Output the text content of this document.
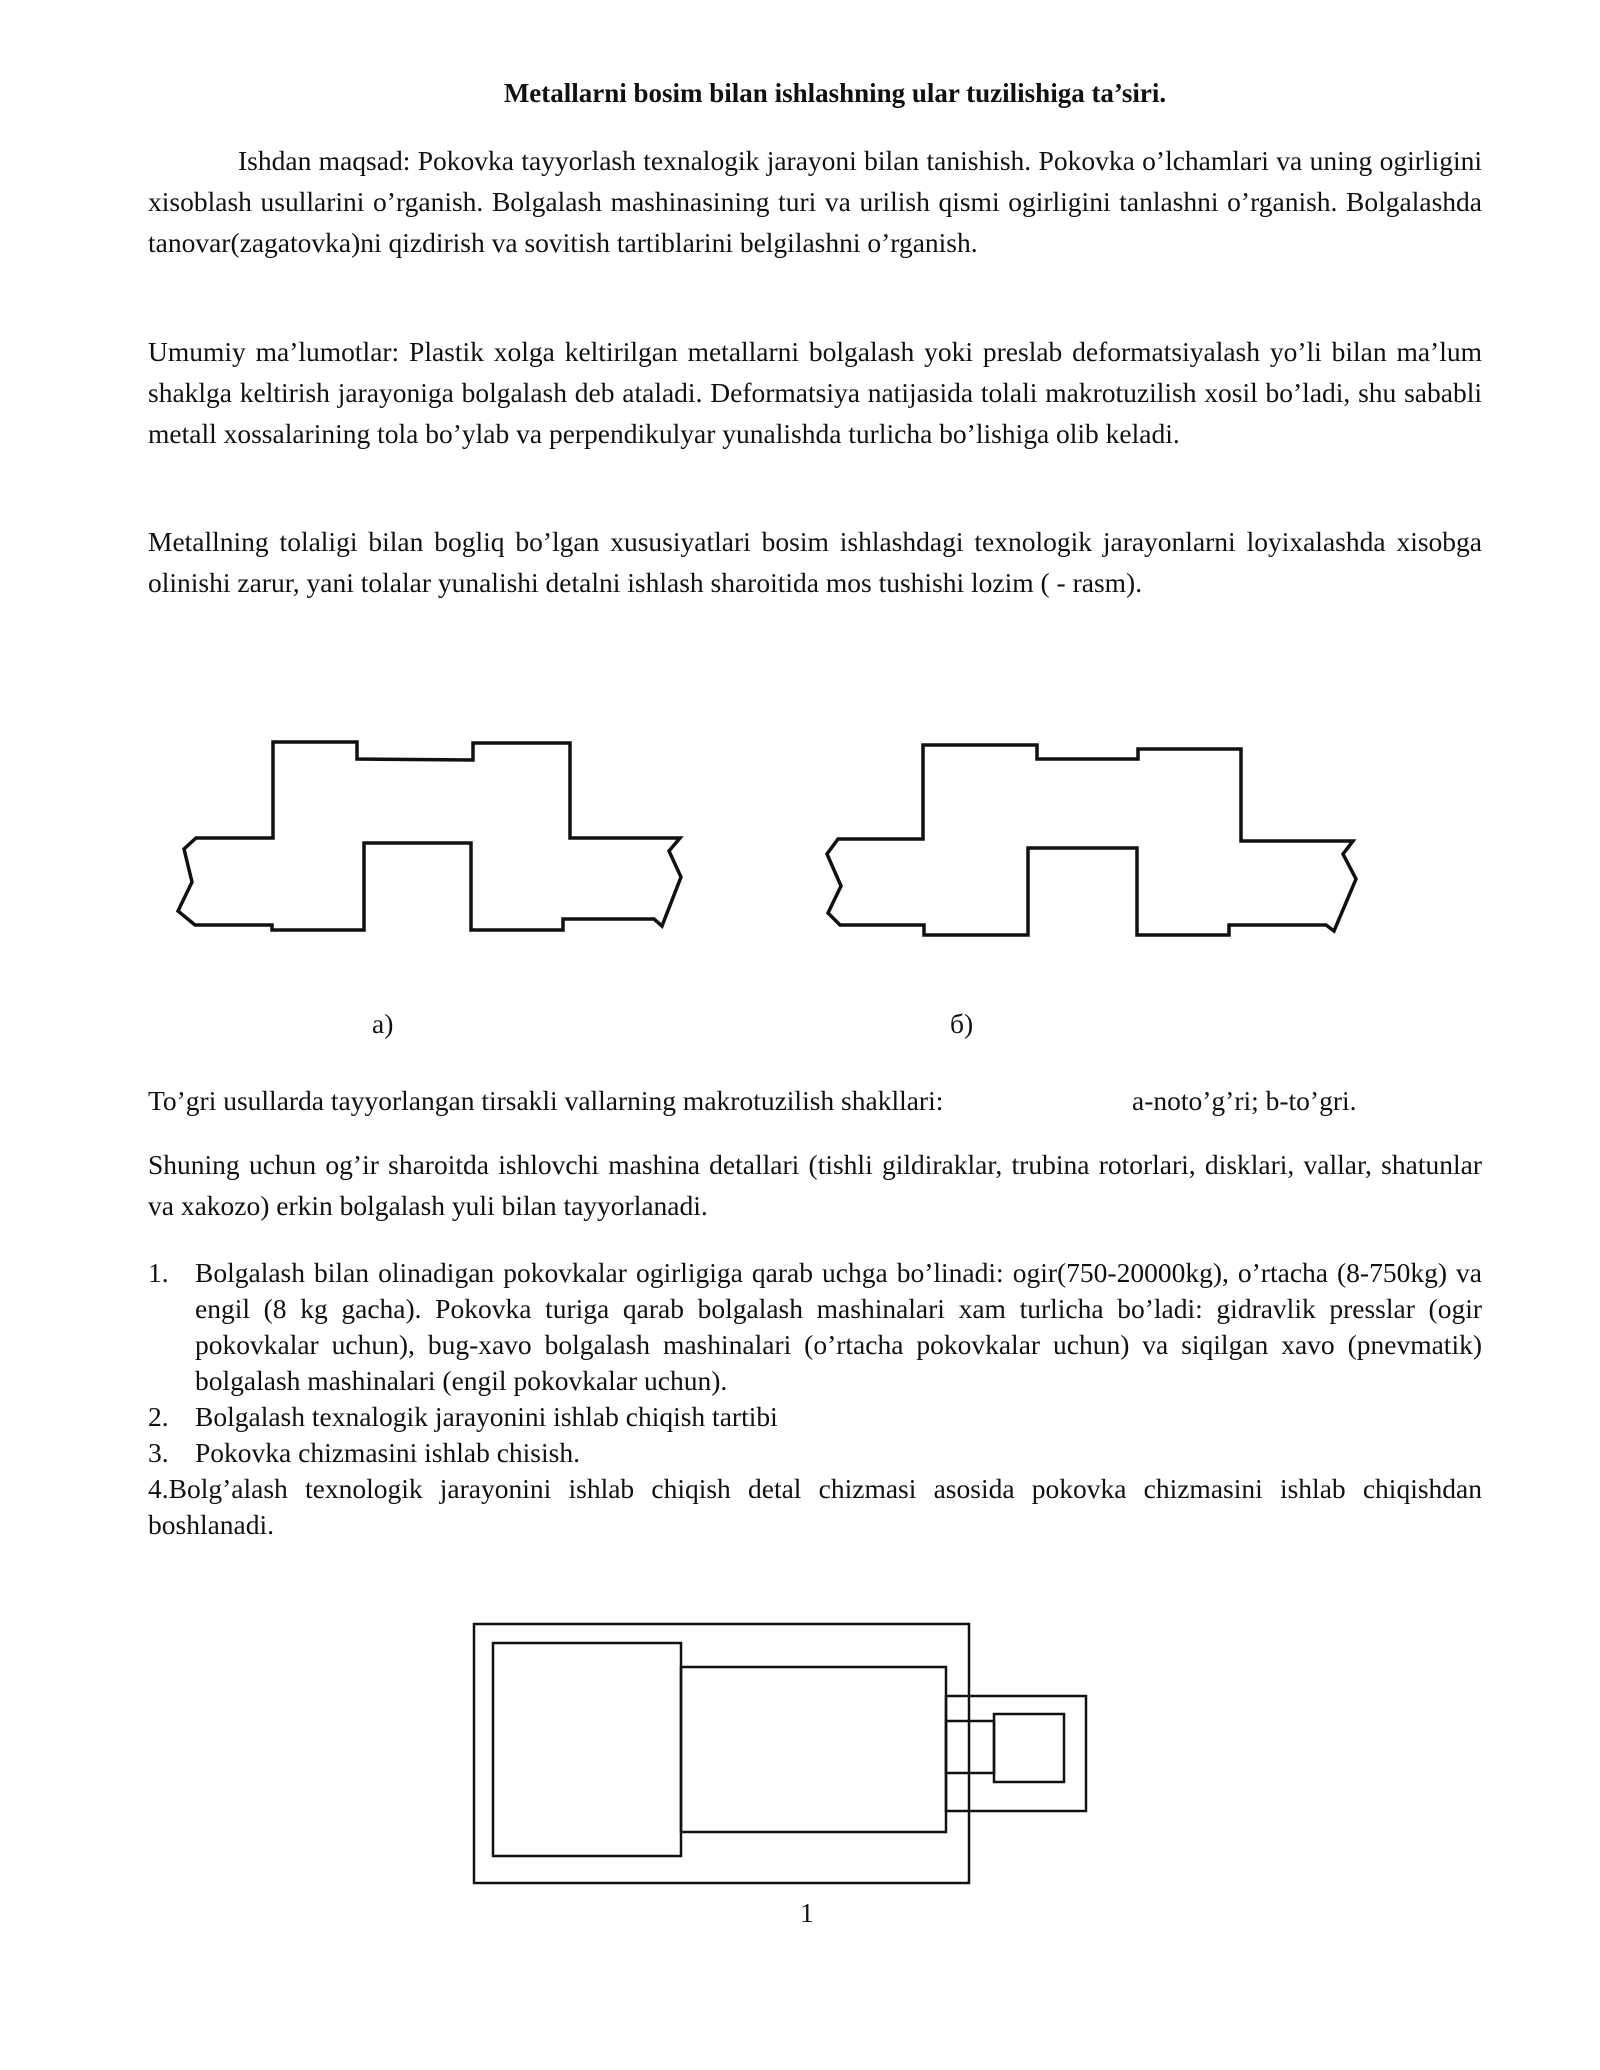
Metallarni bosim bilan ishlashning ular tuzilishiga ta’siri.

Ishdan maqsad: Pokovka tayyorlash texnalogik jarayoni bilan tanishish. Pokovka o’lchamlari va uning ogirligini xisoblash usullarini o’rganish. Bolgalash mashinasining turi va urilish qismi ogirligini tanlashni o’rganish. Bolgalashda tanovar(zagatovka)ni qizdirish va sovitish tartiblarini belgilashni o’rganish.

Umumiy ma’lumotlar: Plastik xolga keltirilgan metallarni bolgalash yoki preslab deformatsiyalash yo’li bilan ma’lum shaklga keltirish jarayoniga bolgalash deb ataladi. Deformatsiya natijasida tolali makrotuzilish xosil bo’ladi, shu sababli metall xossalarining tola bo’ylab va perpendikulyar yunalishda turlicha bo’lishiga olib keladi.

Metallning tolaligi bilan bogliq bo’lgan xususiyatlari bosim ishlashdagi texnologik jarayonlarni loyixalashda xisobga olinishi zarur, yani tolalar yunalishi detalni ishlash sharoitida mos tushishi lozim ( - rasm).

а)	б)
To’gri usullarda tayyorlangan tirsakli vallarning makrotuzilish shakllari:	a-noto’g’ri; b-to’gri.

Shuning uchun og’ir sharoitda ishlovchi mashina detallari (tishli gildiraklar, trubina rotorlari, disklari, vallar, shatunlar va xakozo) erkin bolgalash yuli bilan tayyorlanadi.

1. Bolgalash bilan olinadigan pokovkalar ogirligiga qarab uchga bo’linadi: ogir(750-20000kg), o’rtacha (8-750kg) va engil (8 kg gacha). Pokovka turiga qarab bolgalash mashinalari xam turlicha bo’ladi: gidravlik presslar (ogir pokovkalar uchun), bug-xavo bolgalash mashinalari (o’rtacha pokovkalar uchun) va siqilgan xavo (pnevmatik) bolgalash mashinalari (engil pokovkalar uchun).
2. Bolgalash texnalogik jarayonini ishlab chiqish tartibi
3. Pokovka chizmasini ishlab chisish.

4.Bolg’alash texnologik jarayonini ishlab chiqish detal chizmasi asosida pokovka chizmasini ishlab chiqishdan boshlanadi.

1
